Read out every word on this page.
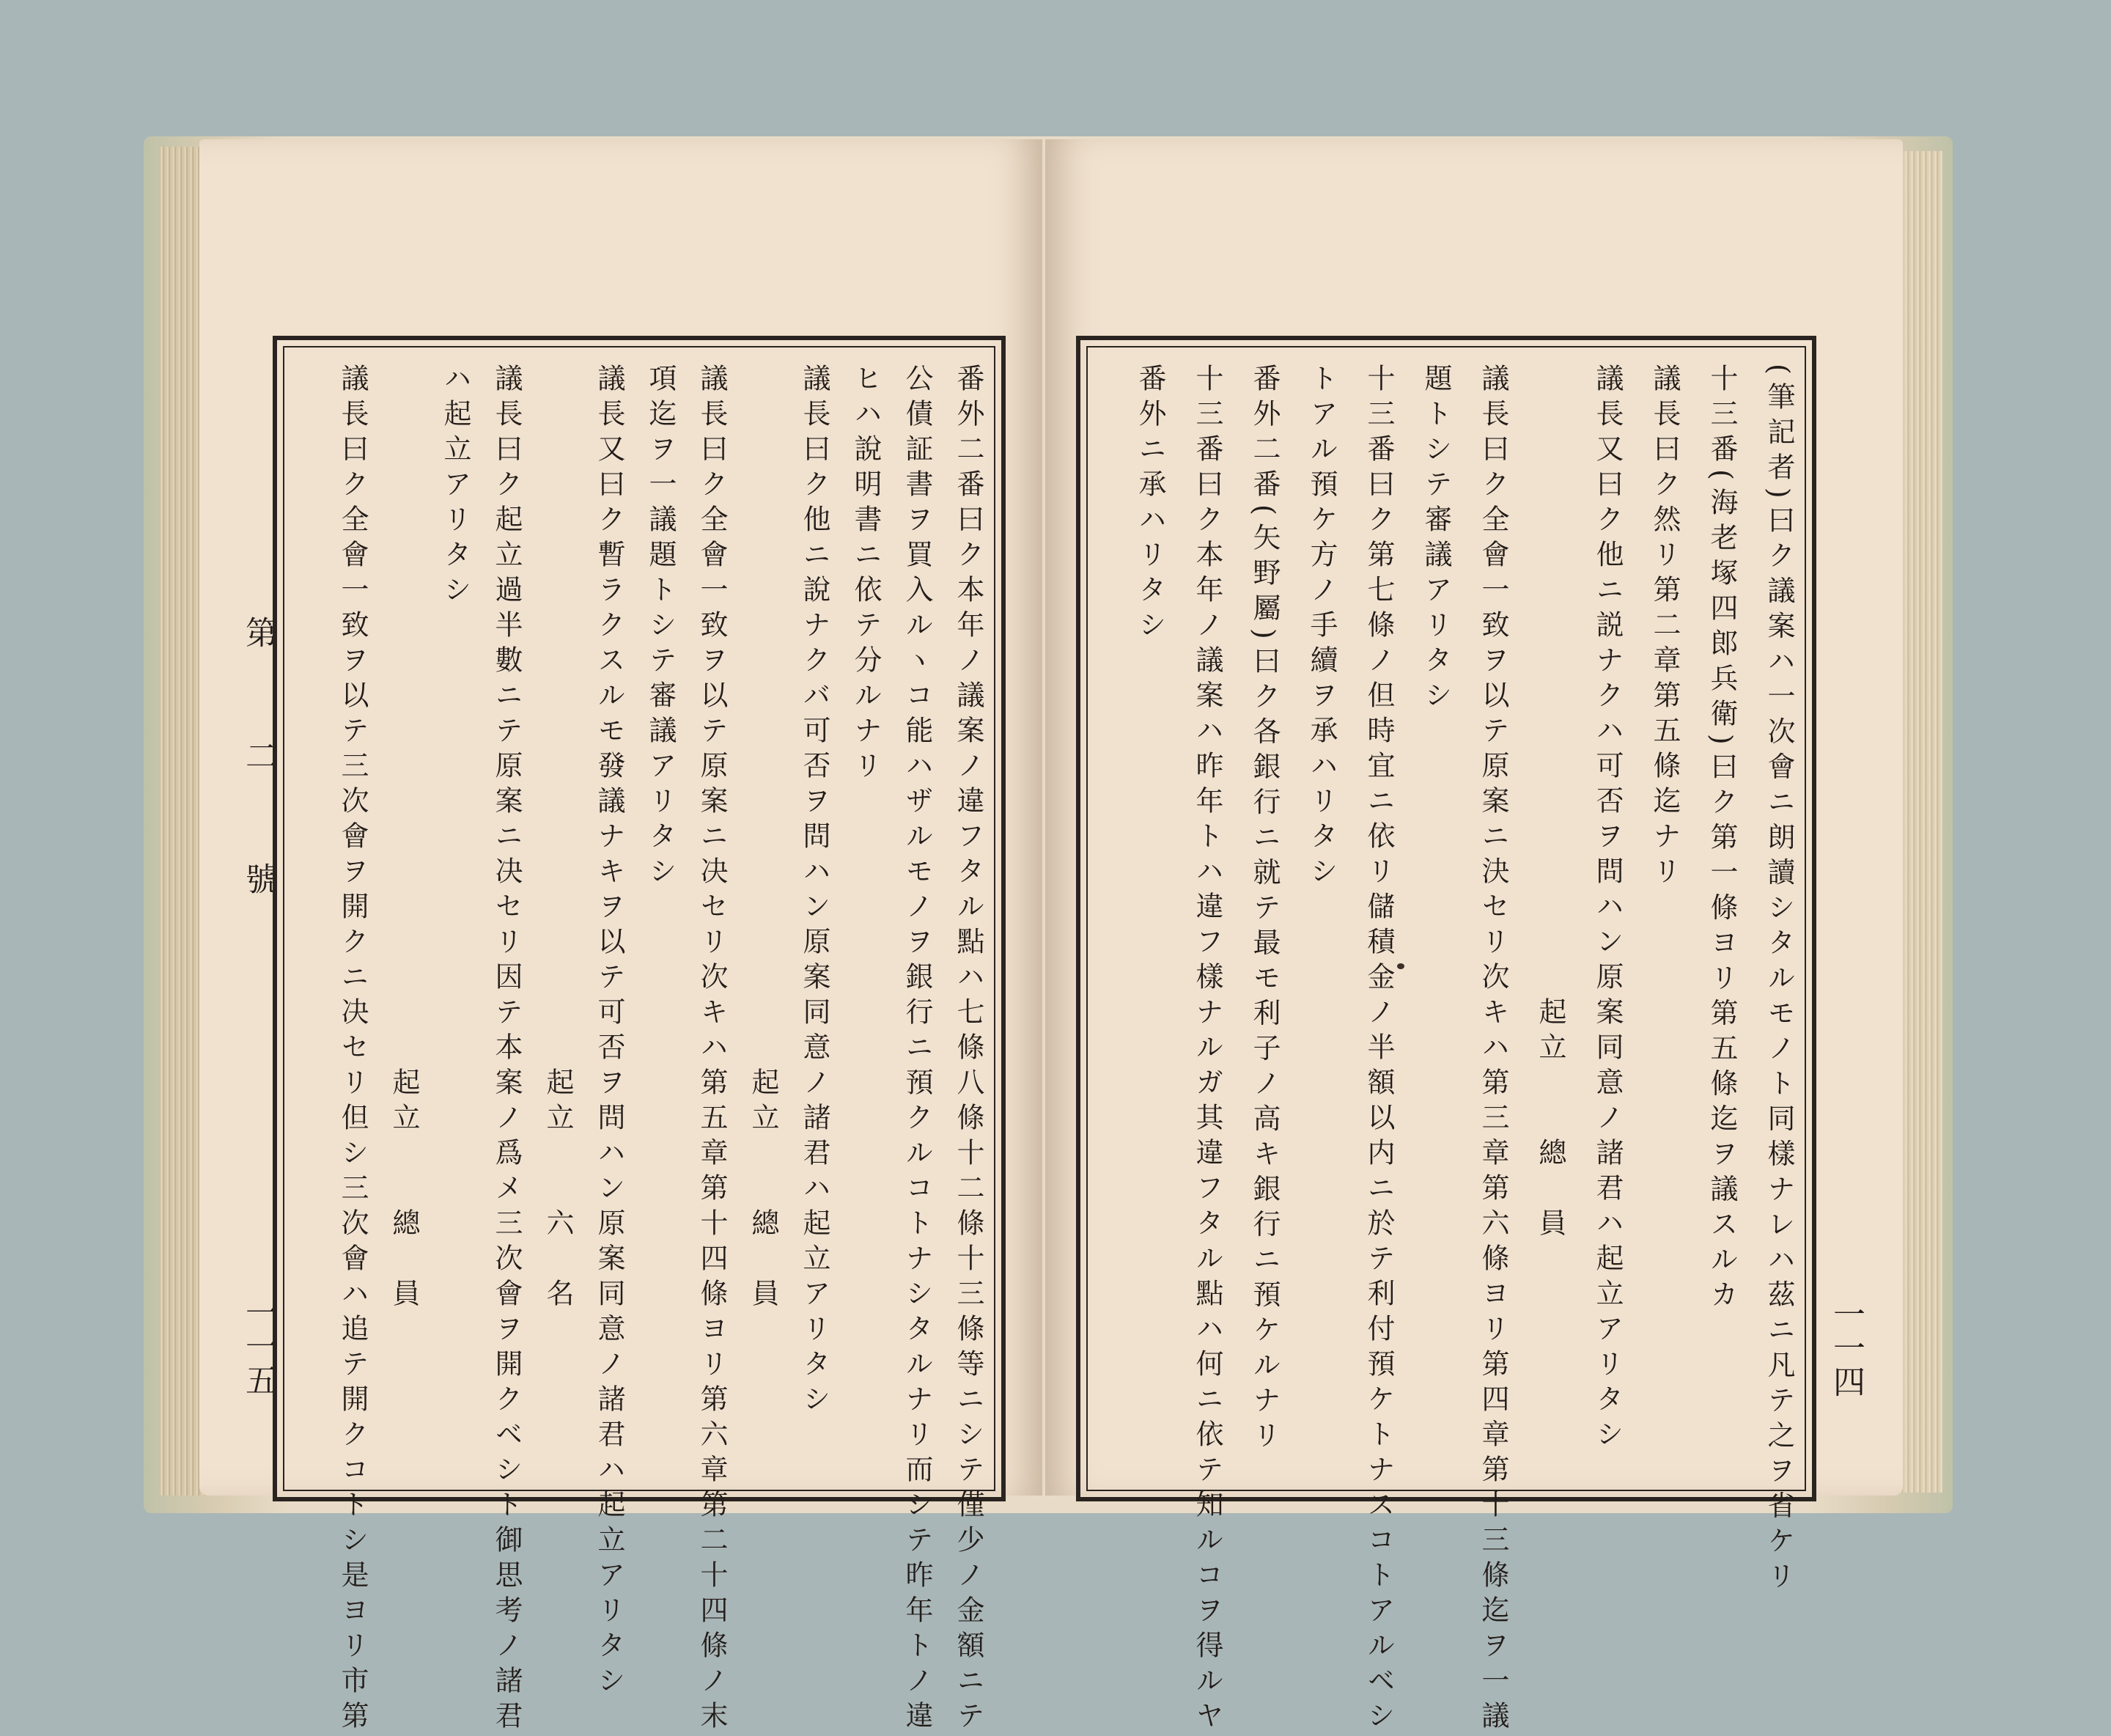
第　二　號
一一五	番外二番曰ク本年ノ議案ノ違フタル點ハ七條八條十二條十三條等ニシテ僅少ノ金額ニテ
公債証書ヲ買入ルヽコ能ハザルモノヲ銀行ニ預クルコトナシタルナリ而シテ昨年トノ違
ヒハ說明書ニ依テ分ルナリ
議長曰ク他ニ說ナクバ可否ヲ問ハン原案同意ノ諸君ハ起立アリタシ
　　　　　　　　　　　　　　　　　　　　起立　　總　員
議長曰ク全會一致ヲ以テ原案ニ决セリ次キハ第五章第十四條ヨリ第六章第二十四條ノ末
項迄ヲ一議題トシテ審議アリタシ
議長又曰ク暫ラクスルモ發議ナキヲ以テ可否ヲ問ハン原案同意ノ諸君ハ起立アリタシ
　　　　　　　　　　　　　　　　　　　　起立　　六　名
議長曰ク起立過半數ニテ原案ニ决セリ因テ本案ノ爲メ三次會ヲ開クベシト御思考ノ諸君
ハ起立アリタシ
　　　　　　　　　　　　　　　　　　　　起立　　總　員
議長曰ク全會一致ヲ以テ三次會ヲ開クニ决セリ但シ三次會ハ追テ開クコトシ是ヨリ市第	(筆記者)曰ク議案ハ一次會ニ朗讀シタルモノト同樣ナレハ茲ニ凡テ之ヲ省ケリ
十三番(海老塚四郎兵衛)曰ク第一條ヨリ第五條迄ヲ議スルカ
議長曰ク然リ第二章第五條迄ナリ
議長又曰ク他ニ説ナクハ可否ヲ問ハン原案同意ノ諸君ハ起立アリタシ
　　　　　　　　　　　　　　　　　　起立　　總　員
議長曰ク全會一致ヲ以テ原案ニ決セリ次キハ第三章第六條ヨリ第四章第十三條迄ヲ一議
題トシテ審議アリタシ
十三番曰ク第七條ノ但時宜ニ依リ儲積金ノ半額以内ニ於テ利付預ケトナスコトアルベシ
トアル預ケ方ノ手續ヲ承ハリタシ
番外二番(矢野屬)曰ク各銀行ニ就テ最モ利子ノ高キ銀行ニ預ケルナリ
十三番曰ク本年ノ議案ハ昨年トハ違フ樣ナルガ其違フタル點ハ何ニ依テ知ルコヲ得ルヤ
番外ニ承ハリタシ
一一四
